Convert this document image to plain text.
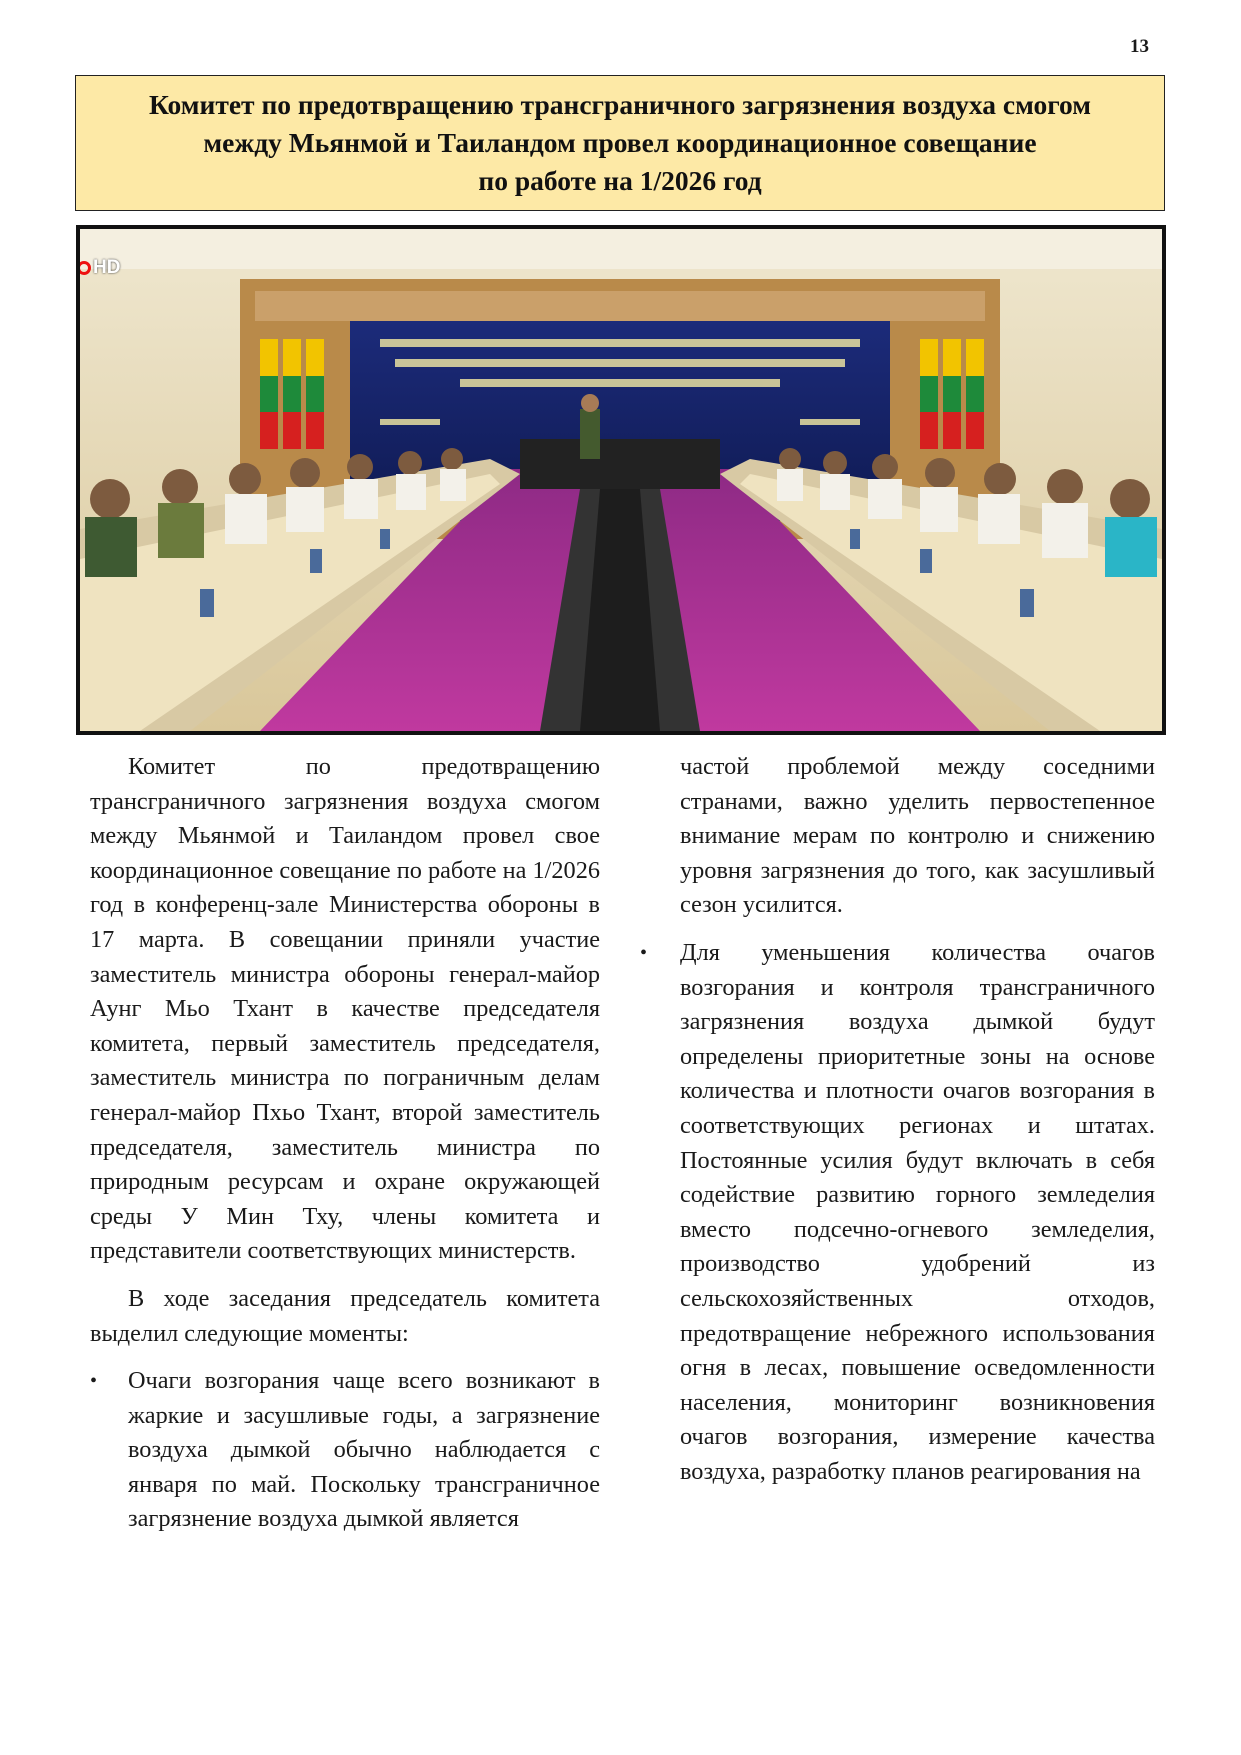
13
Комитет по предотвращению трансграничного загрязнения воздуха смогом
между Мьянмой и Таиландом провел координационное совещание
по работе на 1/2026 год
HD

Комитет по предотвращению трансграничного загрязнения воздуха смогом между Мьянмой и Таиландом провел свое координационное совещание по работе на 1/2026 год в конференц-зале Министерства обороны в 17 марта. В совещании приняли участие заместитель министра обороны генерал-майор Аунг Мьо Тхант в качестве председателя комитета, первый заместитель председателя, заместитель министра по пограничным делам генерал-майор Пхьо Тхант, второй заместитель председателя, заместитель министра по природным ресурсам и охране окружающей среды У Мин Тху, члены комитета и представители соответствующих министерств.

В ходе заседания председатель комитета выделил следующие моменты:

• Очаги возгорания чаще всего возникают в жаркие и засушливые годы, а загрязнение воздуха дымкой обычно наблюдается с января по май. Поскольку трансграничное загрязнение воздуха дымкой является

частой проблемой между соседними странами, важно уделить первостепенное внимание мерам по контролю и снижению уровня загрязнения до того, как засушливый сезон усилится.

• Для уменьшения количества очагов возгорания и контроля трансграничного загрязнения воздуха дымкой будут определены приоритетные зоны на основе количества и плотности очагов возгорания в соответствующих регионах и штатах. Постоянные усилия будут включать в себя содействие развитию горного земледелия вместо подсечно-огневого земледелия, производство удобрений из сельскохозяйственных отходов, предотвращение небрежного использования огня в лесах, повышение осведомленности населения, мониторинг возникновения очагов возгорания, измерение качества воздуха, разработку планов реагирования на
